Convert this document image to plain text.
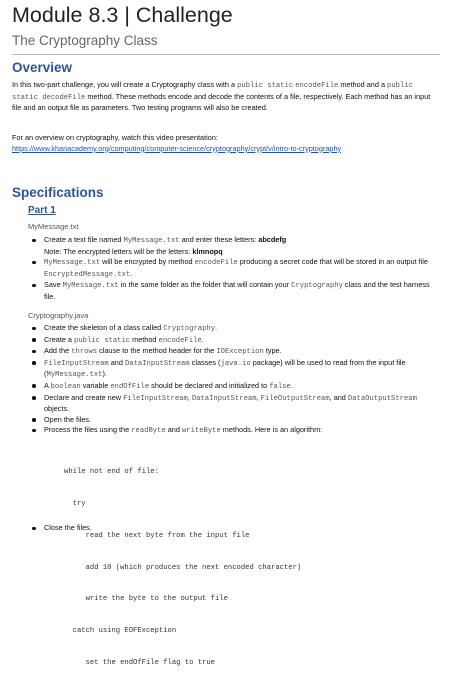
Module 8.3 | Challenge
The Cryptography Class
Overview
In this two-part challenge, you will create a Cryptography class with a public static encodeFile method and a public static decodeFile method. These methods encode and decode the contents of a file, respectively. Each method has an input file and an output file as parameters. Two testing programs will also be created.
For an overview on cryptography, watch this video presentation:
https://www.khanacademy.org/computing/computer-science/cryptography/crypt/v/intro-to-cryptography
Specifications
Part 1
MyMessage.txt
Create a text file named MyMessage.txt and enter these letters: abcdefg
Note: The encrypted letters will be the letters: klmnopq
MyMessage.txt will be encrypted by method encodeFile producing a secret code that will be stored in an output file EncryptedMessage.txt.
Save MyMessage.txt in the same folder as the folder that will contain your Cryptography class and the test harness file.
Cryptography.java
Create the skeleton of a class called Cryptography.
Create a public static method encodeFile.
Add the throws clause to the method header for the IOException type.
FileInputStream and DataInputStream classes (java.io package) will be used to read from the input file (MyMessage.txt).
A boolean variable endOfFile should be declared and initialized to false.
Declare and create new FileInputStream, DataInputStream, FileOutputStream, and DataOutputStream objects.
Open the files.
Process the files using the readByte and writeByte methods. Here is an algorithm:

while not end of file:

try

read the next byte from the input file

add 10 (which produces the next encoded character)

write the byte to the output file

catch using EOFException

set the endOfFile flag to true

Close the files.
